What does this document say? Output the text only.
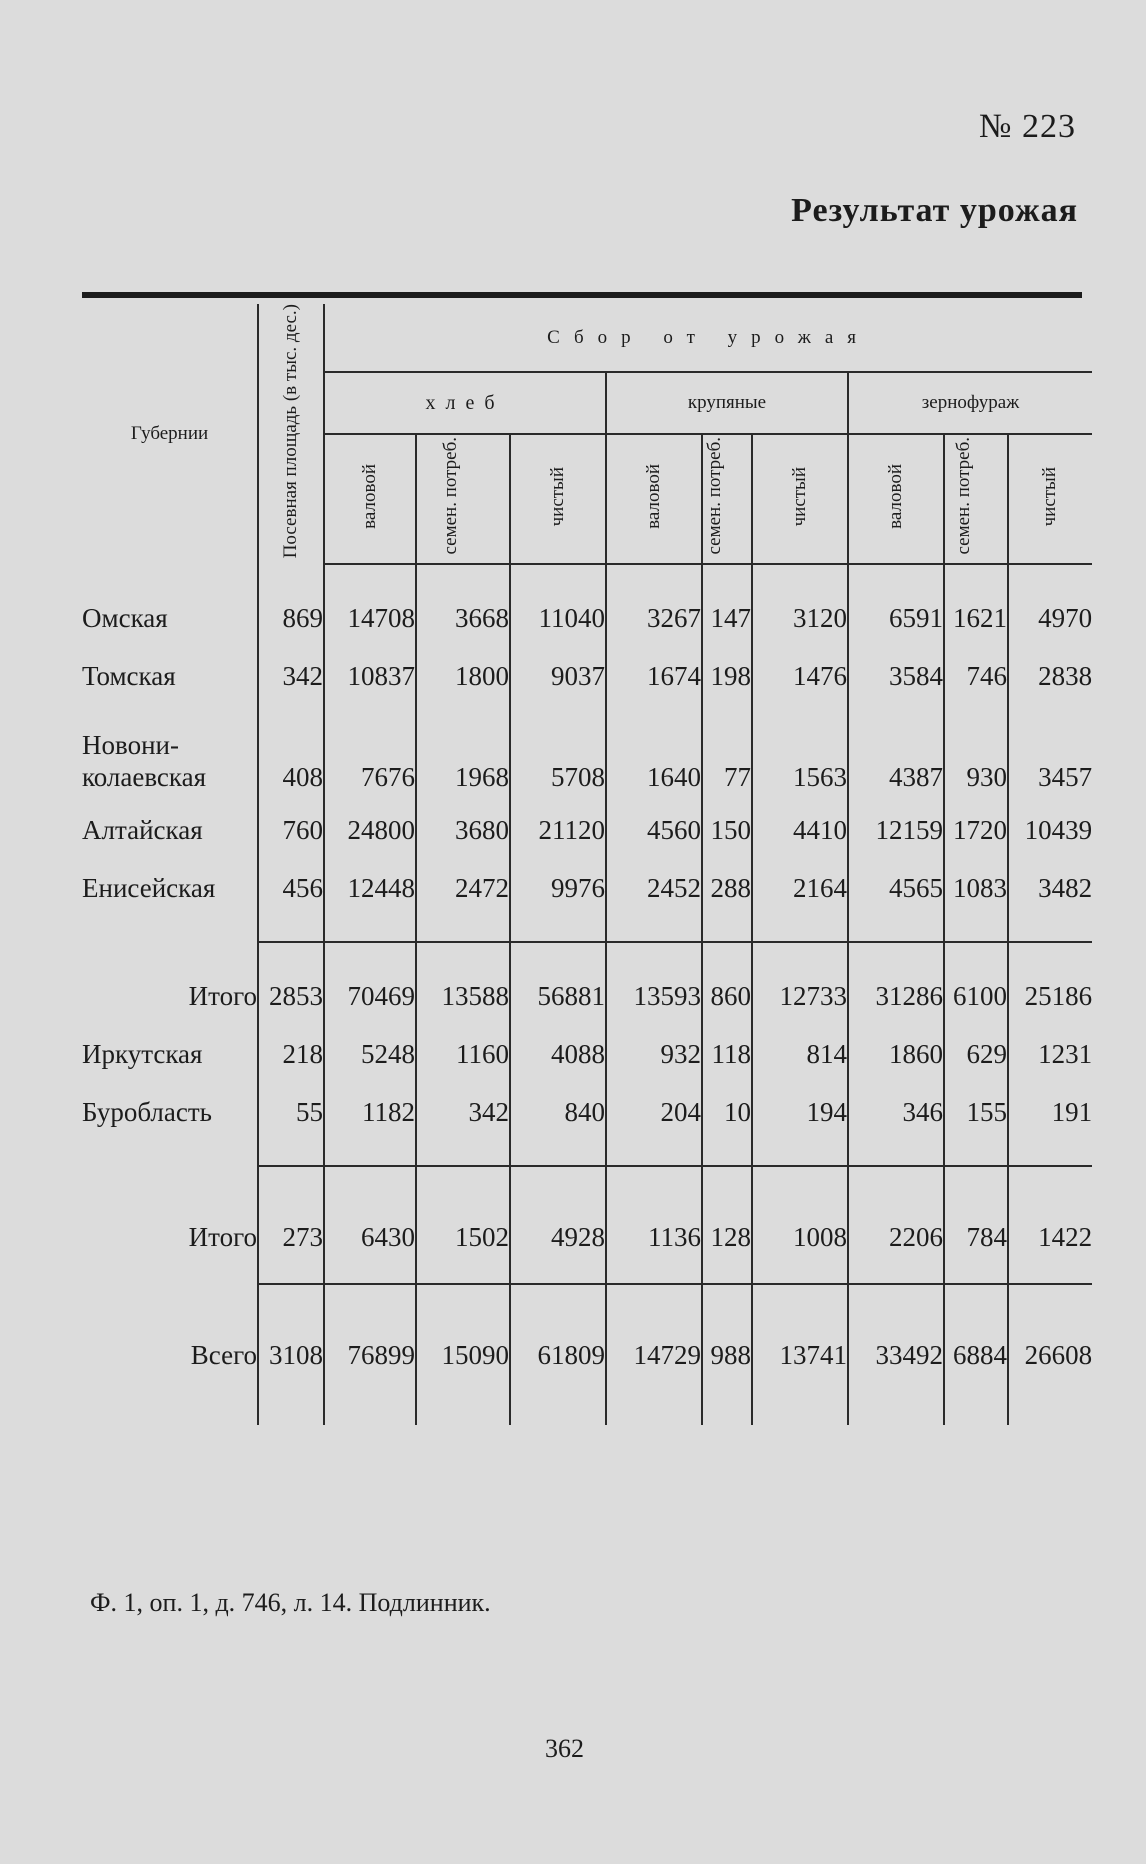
№ 223
Результат урожая
Губернии	Посевная площадь (в тыс. дес.)	Сбор от урожая								
		хлеб			крупяные			зернофураж		
		валовой	семен. потреб.	чистый	валовой	семен. потреб.	чистый	валовой	семен. потреб.	чистый

Омская	869	14708	3668	11040	3267	147	3120	6591	1621	4970
Томская	342	10837	1800	9037	1674	198	1476	3584	746	2838
Новони- колаевская	408	7676	1968	5708	1640	77	1563	4387	930	3457
Алтайская	760	24800	3680	21120	4560	150	4410	12159	1720	10439
Енисейская	456	12448	2472	9976	2452	288	2164	4565	1083	3482

Итого	2853	70469	13588	56881	13593	860	12733	31286	6100	25186
Иркутская	218	5248	1160	4088	932	118	814	1860	629	1231
Буробласть	55	1182	342	840	204	10	194	346	155	191

Итого	273	6430	1502	4928	1136	128	1008	2206	784	1422

Всего	3108	76899	15090	61809	14729	988	13741	33492	6884	26608

Ф. 1, оп. 1, д. 746, л. 14. Подлинник.
362
